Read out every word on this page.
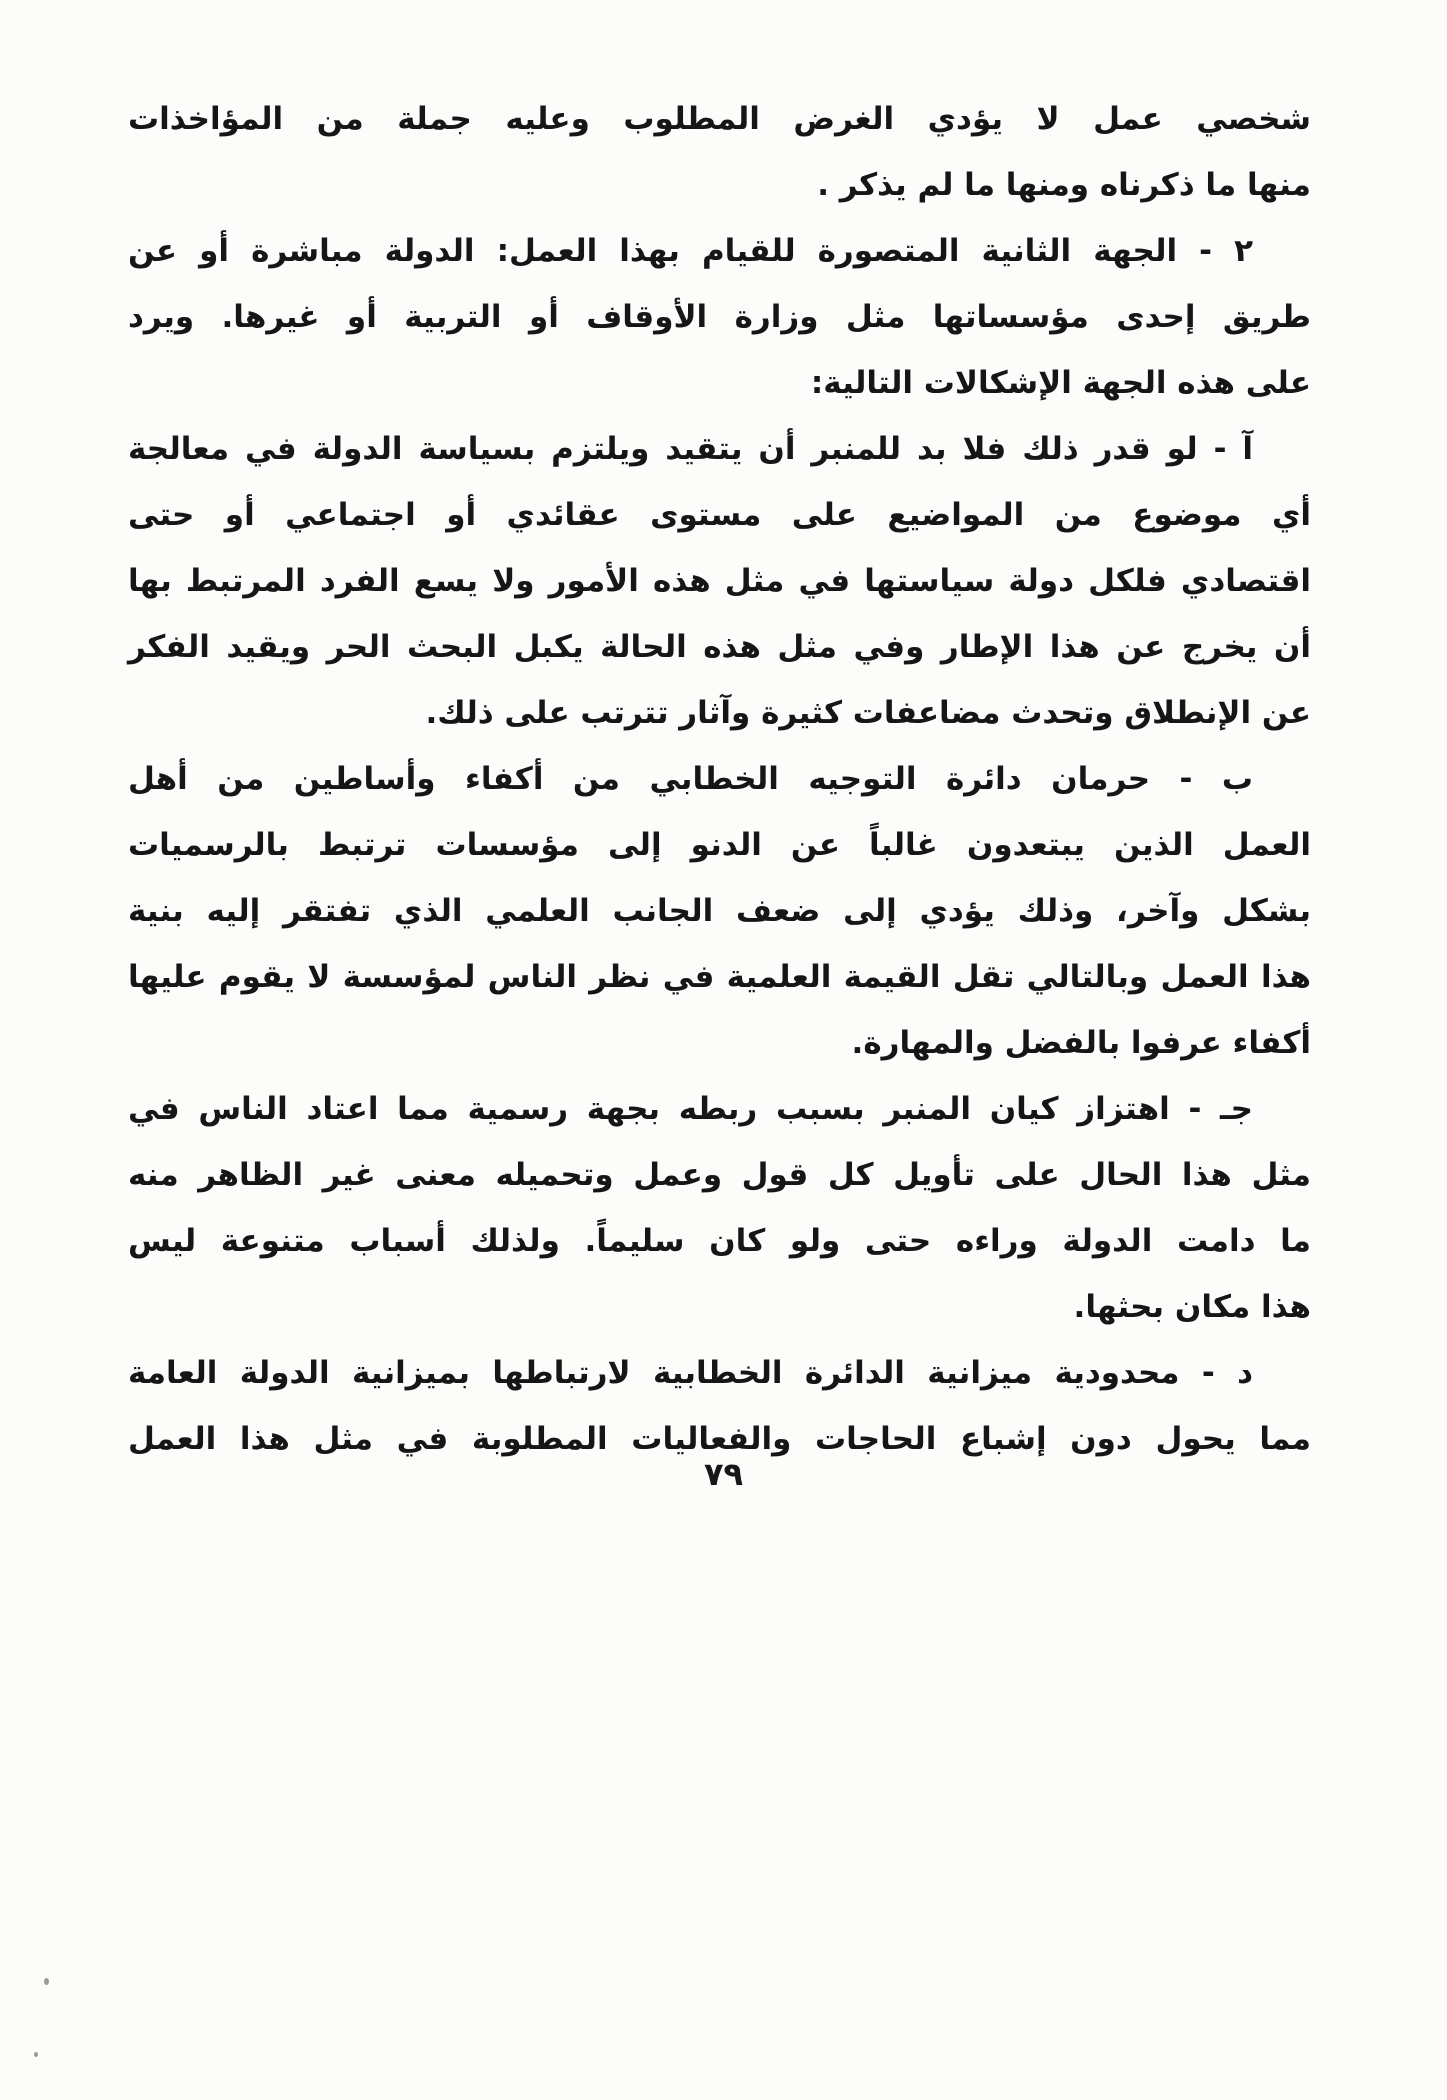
شخصي عمل لا يؤدي الغرض المطلوب وعليه جملة من المؤاخذات
منها ما ذكرناه ومنها ما لم يذكر .
٢ - الجهة الثانية المتصورة للقيام بهذا العمل: الدولة مباشرة أو عن
طريق إحدى مؤسساتها مثل وزارة الأوقاف أو التربية أو غيرها. ويرد
على هذه الجهة الإشكالات التالية:
آ - لو قدر ذلك فلا بد للمنبر أن يتقيد ويلتزم بسياسة الدولة في معالجة
أي موضوع من المواضيع على مستوى عقائدي أو اجتماعي أو حتى
اقتصادي فلكل دولة سياستها في مثل هذه الأمور ولا يسع الفرد المرتبط بها
أن يخرج عن هذا الإطار وفي مثل هذه الحالة يكبل البحث الحر ويقيد الفكر
عن الإنطلاق وتحدث مضاعفات كثيرة وآثار تترتب على ذلك.
ب - حرمان دائرة التوجيه الخطابي من أكفاء وأساطين من أهل
العمل الذين يبتعدون غالباً عن الدنو إلى مؤسسات ترتبط بالرسميات
بشكل وآخر، وذلك يؤدي إلى ضعف الجانب العلمي الذي تفتقر إليه بنية
هذا العمل وبالتالي تقل القيمة العلمية في نظر الناس لمؤسسة لا يقوم عليها
أكفاء عرفوا بالفضل والمهارة.
جـ - اهتزاز كيان المنبر بسبب ربطه بجهة رسمية مما اعتاد الناس في
مثل هذا الحال على تأويل كل قول وعمل وتحميله معنى غير الظاهر منه
ما دامت الدولة وراءه حتى ولو كان سليماً. ولذلك أسباب متنوعة ليس
هذا مكان بحثها.
د - محدودية ميزانية الدائرة الخطابية لارتباطها بميزانية الدولة العامة
مما يحول دون إشباع الحاجات والفعاليات المطلوبة في مثل هذا العمل
٧٩
